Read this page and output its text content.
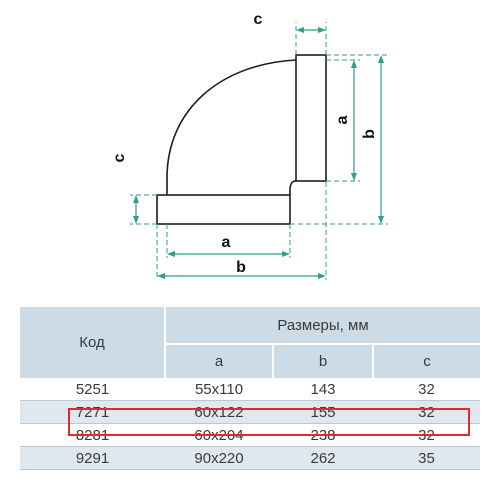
a
b
c
c
a
b
Код	Размеры, мм		
	a	b	c
5251	55x110	143	32
7271	60x122	155	32
8281	60x204	238	32
9291	90x220	262	35
